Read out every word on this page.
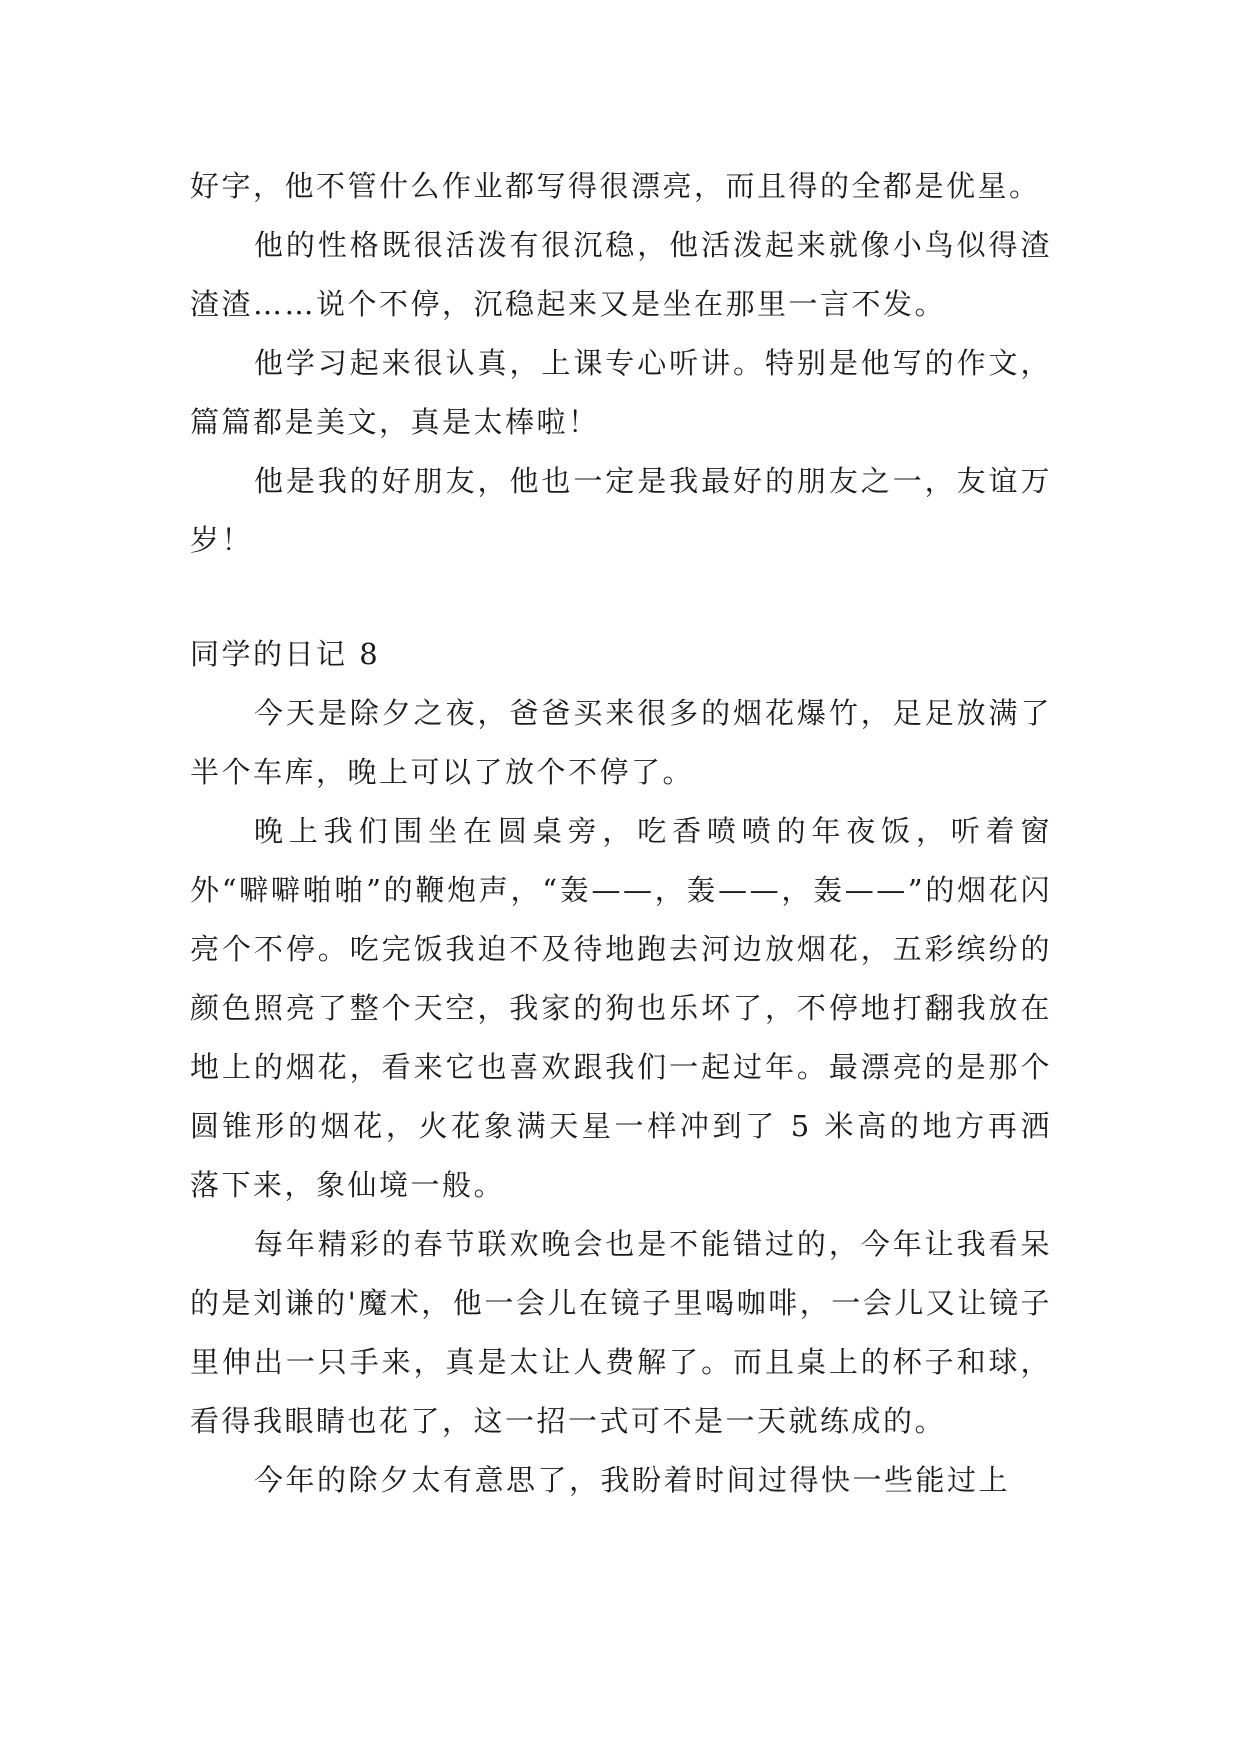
好字，他不管什么作业都写得很漂亮，而且得的全都是优星。

他的性格既很活泼有很沉稳，他活泼起来就像小鸟似得渣渣渣……说个不停，沉稳起来又是坐在那里一言不发。

他学习起来很认真，上课专心听讲。特别是他写的作文，篇篇都是美文，真是太棒啦！

他是我的好朋友，他也一定是我最好的朋友之一，友谊万岁！

同学的日记 8

今天是除夕之夜，爸爸买来很多的烟花爆竹，足足放满了半个车库，晚上可以了放个不停了。

晚上我们围坐在圆桌旁，吃香喷喷的年夜饭，听着窗外“噼噼啪啪”的鞭炮声，“轰——，轰——，轰——”的烟花闪亮个不停。吃完饭我迫不及待地跑去河边放烟花，五彩缤纷的颜色照亮了整个天空，我家的狗也乐坏了，不停地打翻我放在地上的烟花，看来它也喜欢跟我们一起过年。最漂亮的是那个圆锥形的烟花，火花象满天星一样冲到了 5 米高的地方再洒落下来，象仙境一般。

每年精彩的春节联欢晚会也是不能错过的，今年让我看呆的是刘谦的'魔术，他一会儿在镜子里喝咖啡，一会儿又让镜子里伸出一只手来，真是太让人费解了。而且桌上的杯子和球，看得我眼睛也花了，这一招一式可不是一天就练成的。

今年的除夕太有意思了，我盼着时间过得快一些能过上
